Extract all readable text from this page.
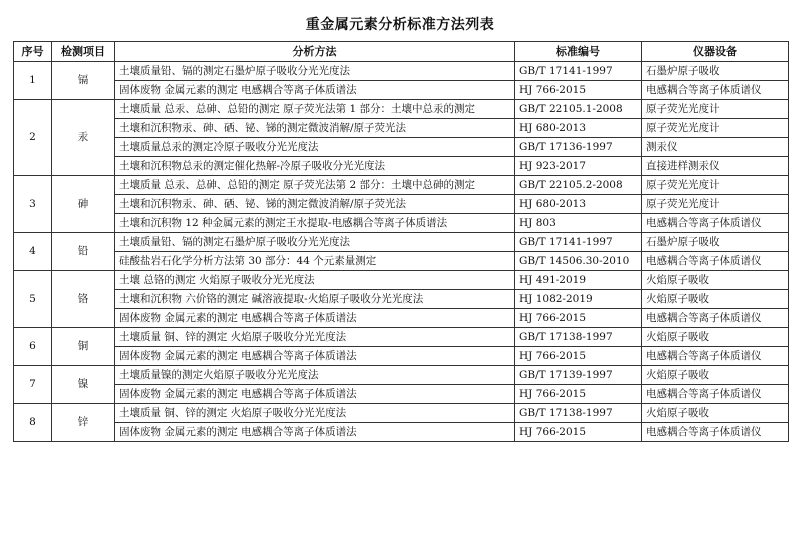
重金属元素分析标准方法列表
序号	检测项目	分析方法	标准编号	仪器设备
1	镉	土壤质量铅、镉的测定石墨炉原子吸收分光光度法	GB/T 17141-1997	石墨炉原子吸收
		固体废物 金属元素的测定 电感耦合等离子体质谱法	HJ 766-2015	电感耦合等离子体质谱仪
2	汞	土壤质量 总汞、总砷、总铅的测定 原子荧光法第 1 部分：土壤中总汞的测定	GB/T 22105.1-2008	原子荧光光度计
		土壤和沉积物汞、砷、硒、铋、锑的测定微波消解/原子荧光法	HJ 680-2013	原子荧光光度计
		土壤质量总汞的测定冷原子吸收分光光度法	GB/T 17136-1997	测汞仪
		土壤和沉积物总汞的测定催化热解-冷原子吸收分光光度法	HJ 923-2017	直接进样测汞仪
3	砷	土壤质量 总汞、总砷、总铅的测定 原子荧光法第 2 部分：土壤中总砷的测定	GB/T 22105.2-2008	原子荧光光度计
		土壤和沉积物汞、砷、硒、铋、锑的测定微波消解/原子荧光法	HJ 680-2013	原子荧光光度计
		土壤和沉积物 12 种金属元素的测定王水提取-电感耦合等离子体质谱法	HJ 803	电感耦合等离子体质谱仪
4	铅	土壤质量铅、镉的测定石墨炉原子吸收分光光度法	GB/T 17141-1997	石墨炉原子吸收
		硅酸盐岩石化学分析方法第 30 部分：44 个元素量测定	GB/T 14506.30-2010	电感耦合等离子体质谱仪
5	铬	土壤 总铬的测定 火焰原子吸收分光光度法	HJ 491-2019	火焰原子吸收
		土壤和沉积物 六价铬的测定 碱溶液提取-火焰原子吸收分光光度法	HJ 1082-2019	火焰原子吸收
		固体废物 金属元素的测定 电感耦合等离子体质谱法	HJ 766-2015	电感耦合等离子体质谱仪
6	铜	土壤质量 铜、锌的测定 火焰原子吸收分光光度法	GB/T 17138-1997	火焰原子吸收
		固体废物 金属元素的测定 电感耦合等离子体质谱法	HJ 766-2015	电感耦合等离子体质谱仪
7	镍	土壤质量镍的测定火焰原子吸收分光光度法	GB/T 17139-1997	火焰原子吸收
		固体废物 金属元素的测定 电感耦合等离子体质谱法	HJ 766-2015	电感耦合等离子体质谱仪
8	锌	土壤质量 铜、锌的测定 火焰原子吸收分光光度法	GB/T 17138-1997	火焰原子吸收
		固体废物 金属元素的测定 电感耦合等离子体质谱法	HJ 766-2015	电感耦合等离子体质谱仪
